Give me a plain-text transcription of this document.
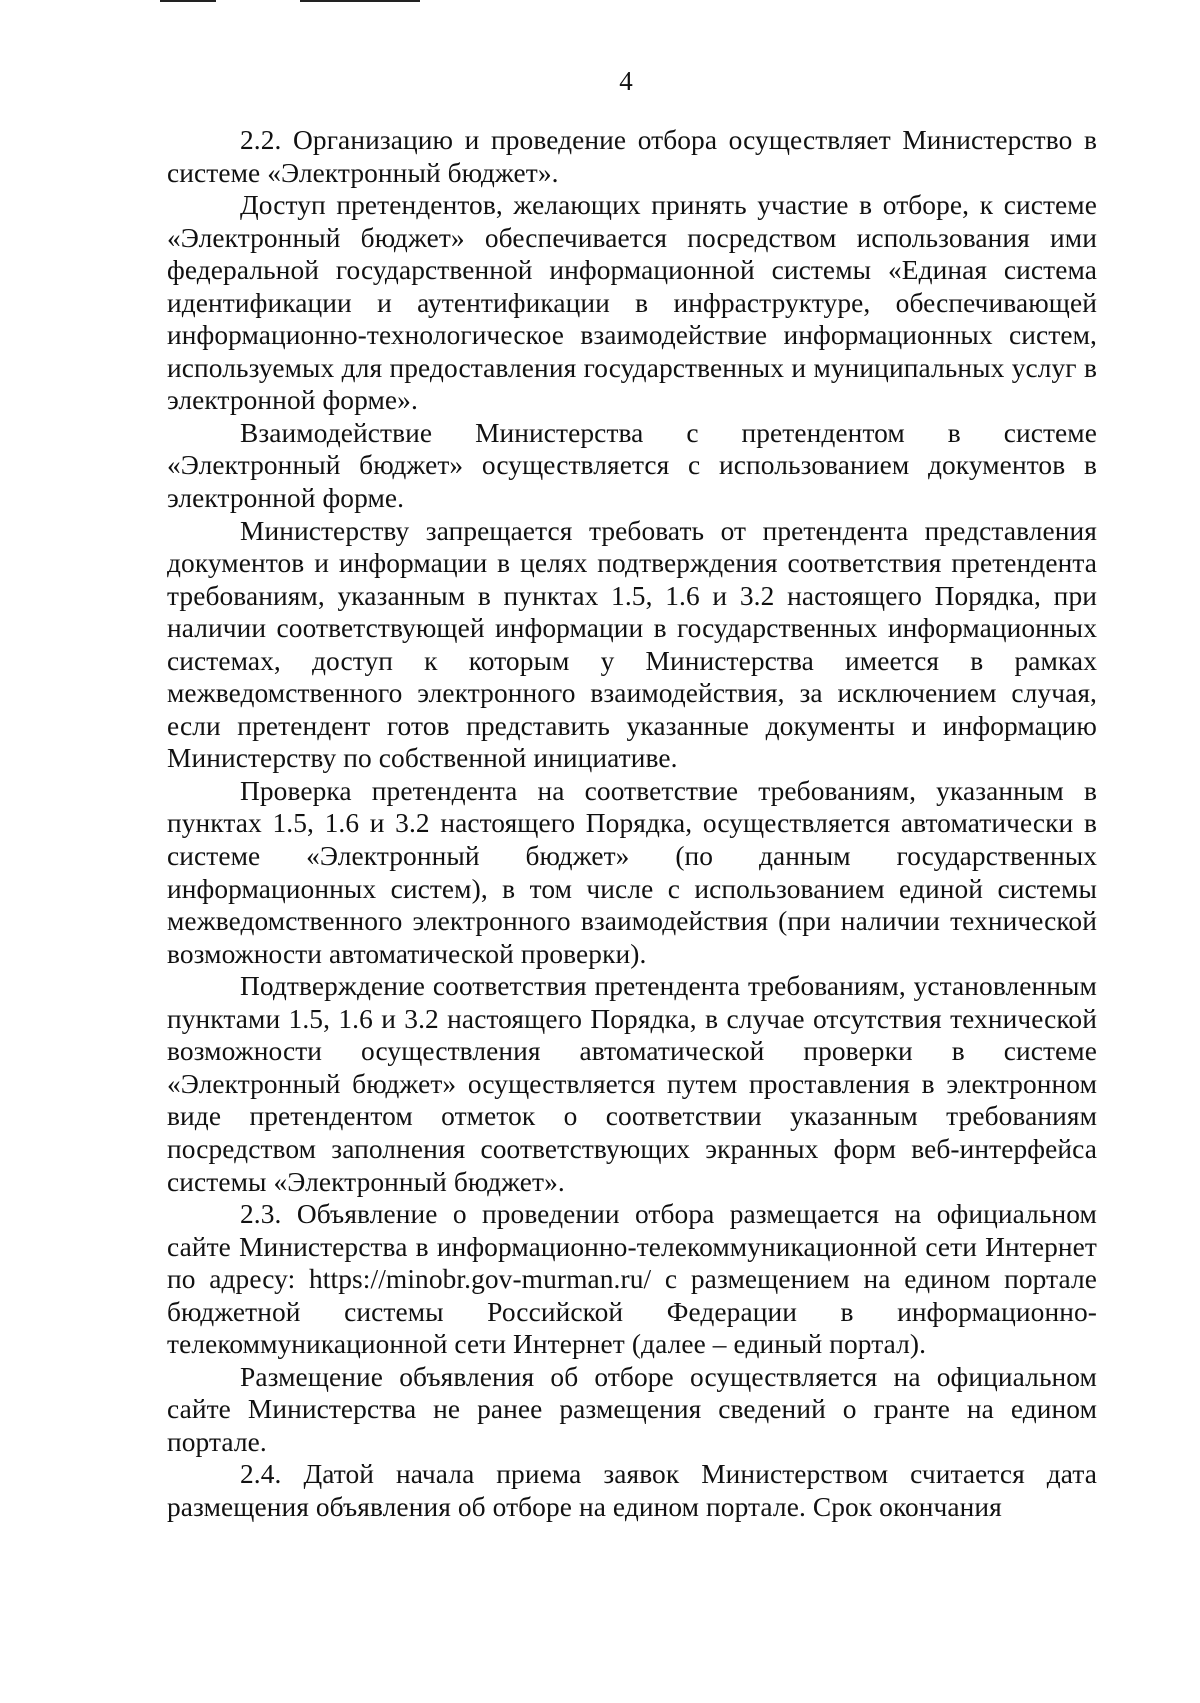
4

2.2. Организацию и проведение отбора осуществляет Министерство в системе «Электронный бюджет».

Доступ претендентов, желающих принять участие в отборе, к системе «Электронный бюджет» обеспечивается посредством использования ими федеральной государственной информационной системы «Единая система идентификации и аутентификации в инфраструктуре, обеспечивающей информационно-технологическое взаимодействие информационных систем, используемых для предоставления государственных и муниципальных услуг в электронной форме».

Взаимодействие Министерства с претендентом в системе «Электронный бюджет» осуществляется с использованием документов в электронной форме.

Министерству запрещается требовать от претендента представления документов и информации в целях подтверждения соответствия претендента требованиям, указанным в пунктах 1.5, 1.6 и 3.2 настоящего Порядка, при наличии соответствующей информации в государственных информационных системах, доступ к которым у Министерства имеется в рамках межведомственного электронного взаимодействия, за исключением случая, если претендент готов представить указанные документы и информацию Министерству по собственной инициативе.

Проверка претендента на соответствие требованиям, указанным в пунктах 1.5, 1.6 и 3.2 настоящего Порядка, осуществляется автоматически в системе «Электронный бюджет» (по данным государственных информационных систем), в том числе с использованием единой системы межведомственного электронного взаимодействия (при наличии технической возможности автоматической проверки).

Подтверждение соответствия претендента требованиям, установленным пунктами 1.5, 1.6 и 3.2 настоящего Порядка, в случае отсутствия технической возможности осуществления автоматической проверки в системе «Электронный бюджет» осуществляется путем проставления в электронном виде претендентом отметок о соответствии указанным требованиям посредством заполнения соответствующих экранных форм веб-интерфейса системы «Электронный бюджет».

2.3. Объявление о проведении отбора размещается на официальном сайте Министерства в информационно-телекоммуникационной сети Интернет по адресу: https://minobr.gov-murman.ru/ с размещением на едином портале бюджетной системы Российской Федерации в информационно-телекоммуникационной сети Интернет (далее – единый портал).

Размещение объявления об отборе осуществляется на официальном сайте Министерства не ранее размещения сведений о гранте на едином портале.

2.4. Датой начала приема заявок Министерством считается дата размещения объявления об отборе на едином портале. Срок окончания
